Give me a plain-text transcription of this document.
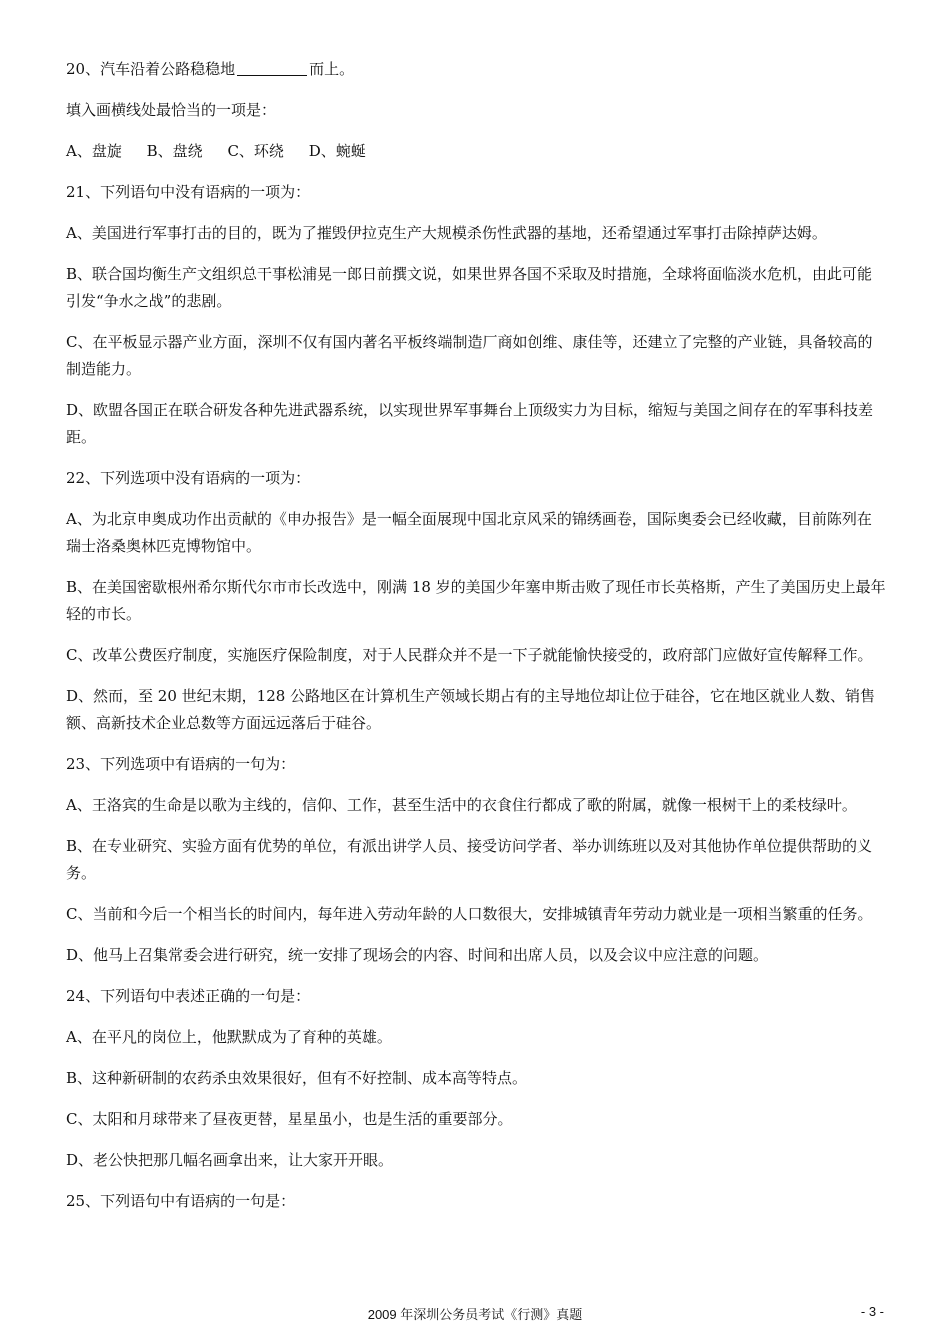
20、汽车沿着公路稳稳地	而上。

填入画横线处最恰当的一项是：

A、盘旋 B、盘绕 C、环绕 D、蜿蜒

21、下列语句中没有语病的一项为：

A、美国进行军事打击的目的，既为了摧毁伊拉克生产大规模杀伤性武器的基地，还希望通过军事打击除掉萨达姆。

B、联合国均衡生产文组织总干事松浦晃一郎日前撰文说，如果世界各国不采取及时措施，全球将面临淡水危机，由此可能引发“争水之战”的悲剧。

C、在平板显示器产业方面，深圳不仅有国内著名平板终端制造厂商如创维、康佳等，还建立了完整的产业链，具备较高的制造能力。

D、欧盟各国正在联合研发各种先进武器系统，以实现世界军事舞台上顶级实力为目标，缩短与美国之间存在的军事科技差距。

22、下列选项中没有语病的一项为：

A、为北京申奥成功作出贡献的《申办报告》是一幅全面展现中国北京风采的锦绣画卷，国际奥委会已经收藏，目前陈列在瑞士洛桑奥林匹克博物馆中。

B、在美国密歇根州希尔斯代尔市市长改选中，刚满 18 岁的美国少年塞申斯击败了现任市长英格斯，产生了美国历史上最年轻的市长。

C、改革公费医疗制度，实施医疗保险制度，对于人民群众并不是一下子就能愉快接受的，政府部门应做好宣传解释工作。

D、然而，至 20 世纪末期，128 公路地区在计算机生产领域长期占有的主导地位却让位于硅谷，它在地区就业人数、销售额、高新技术企业总数等方面远远落后于硅谷。

23、下列选项中有语病的一句为：

A、王洛宾的生命是以歌为主线的，信仰、工作，甚至生活中的衣食住行都成了歌的附属，就像一根树干上的柔枝绿叶。

B、在专业研究、实验方面有优势的单位，有派出讲学人员、接受访问学者、举办训练班以及对其他协作单位提供帮助的义务。

C、当前和今后一个相当长的时间内，每年进入劳动年龄的人口数很大，安排城镇青年劳动力就业是一项相当繁重的任务。

D、他马上召集常委会进行研究，统一安排了现场会的内容、时间和出席人员，以及会议中应注意的问题。

24、下列语句中表述正确的一句是：

A、在平凡的岗位上，他默默成为了育种的英雄。

B、这种新研制的农药杀虫效果很好，但有不好控制、成本高等特点。

C、太阳和月球带来了昼夜更替，星星虽小，也是生活的重要部分。

D、老公快把那几幅名画拿出来，让大家开开眼。

25、下列语句中有语病的一句是：

2009 年深圳公务员考试《行测》真题	- 3 -
